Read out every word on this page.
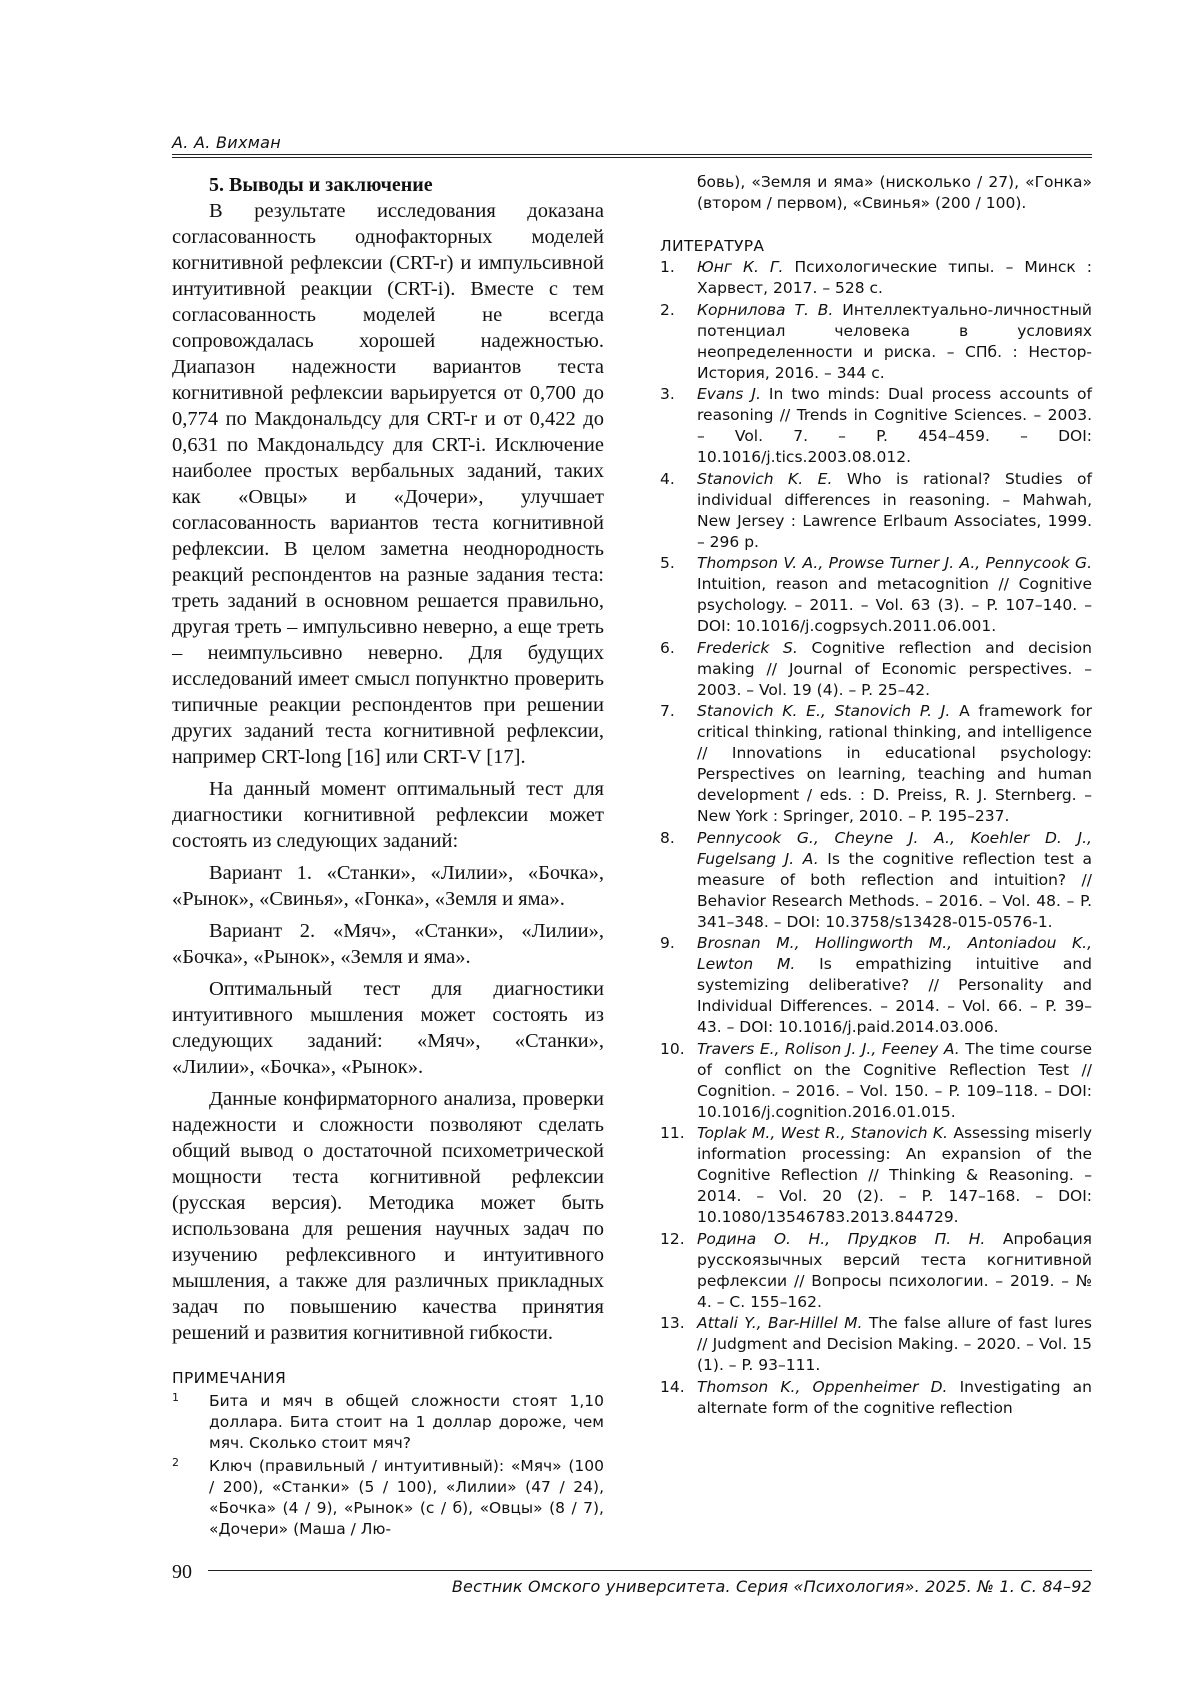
А. А. Вихман

5. Выводы и заключение

В результате исследования доказана согласованность однофакторных моделей когнитивной рефлексии (CRT-r) и импульсивной интуитивной реакции (CRT-i). Вместе с тем согласованность моделей не всегда сопровождалась хорошей надежностью. Диапазон надежности вариантов теста когнитивной рефлексии варьируется от 0,700 до 0,774 по Макдональдсу для CRT-r и от 0,422 до 0,631 по Макдональдсу для CRT-i. Исключение наиболее простых вербальных заданий, таких как «Овцы» и «Дочери», улучшает согласованность вариантов теста когнитивной рефлексии. В целом заметна неоднородность реакций респондентов на разные задания теста: треть заданий в основном решается правильно, другая треть – импульсивно неверно, а еще треть – неимпульсивно неверно. Для будущих исследований имеет смысл попунктно проверить типичные реакции респондентов при решении других заданий теста когнитивной рефлексии, например CRT-long [16] или CRT-V [17].

На данный момент оптимальный тест для диагностики когнитивной рефлексии может состоять из следующих заданий:

Вариант 1. «Станки», «Лилии», «Бочка», «Рынок», «Свинья», «Гонка», «Земля и яма».

Вариант 2. «Мяч», «Станки», «Лилии», «Бочка», «Рынок», «Земля и яма».

Оптимальный тест для диагностики интуитивного мышления может состоять из следующих заданий: «Мяч», «Станки», «Лилии», «Бочка», «Рынок».

Данные конфирматорного анализа, проверки надежности и сложности позволяют сделать общий вывод о достаточной психометрической мощности теста когнитивной рефлексии (русская версия). Методика может быть использована для решения научных задач по изучению рефлексивного и интуитивного мышления, а также для различных прикладных задач по повышению качества принятия решений и развития когнитивной гибкости.

ПРИМЕЧАНИЯ

1 Бита и мяч в общей сложности стоят 1,10 доллара. Бита стоит на 1 доллар дороже, чем мяч. Сколько стоит мяч?
2 Ключ (правильный / интуитивный): «Мяч» (100 / 200), «Станки» (5 / 100), «Лилии» (47 / 24), «Бочка» (4 / 9), «Рынок» (с / б), «Овцы» (8 / 7), «Дочери» (Маша / Лю-

бовь), «Земля и яма» (нисколько / 27), «Гонка» (втором / первом), «Свинья» (200 / 100).

ЛИТЕРАТУРА

1. Юнг К. Г. Психологические типы. – Минск : Харвест, 2017. – 528 с.
2. Корнилова Т. В. Интеллектуально-личностный потенциал человека в условиях неопределенности и риска. – СПб. : Нестор-История, 2016. – 344 с.
3. Evans J. In two minds: Dual process accounts of reasoning // Trends in Cognitive Sciences. – 2003. – Vol. 7. – P. 454–459. – DOI: 10.1016/j.tics.2003.08.012.
4. Stanovich K. E. Who is rational? Studies of individual differences in reasoning. – Mahwah, New Jersey : Lawrence Erlbaum Associates, 1999. – 296 p.
5. Thompson V. A., Prowse Turner J. A., Pennycook G. Intuition, reason and metacognition // Cognitive psychology. – 2011. – Vol. 63 (3). – P. 107–140. – DOI: 10.1016/j.cogpsych.2011.06.001.
6. Frederick S. Cognitive reflection and decision making // Journal of Economic perspectives. – 2003. – Vol. 19 (4). – P. 25–42.
7. Stanovich K. E., Stanovich P. J. A framework for critical thinking, rational thinking, and intelligence // Innovations in educational psychology: Perspectives on learning, teaching and human development / eds. : D. Preiss, R. J. Sternberg. – New York : Springer, 2010. – P. 195–237.
8. Pennycook G., Cheyne J. A., Koehler D. J., Fugelsang J. A. Is the cognitive reflection test a measure of both reflection and intuition? // Behavior Research Methods. – 2016. – Vol. 48. – P. 341–348. – DOI: 10.3758/s13428-015-0576-1.
9. Brosnan M., Hollingworth M., Antoniadou K., Lewton M. Is empathizing intuitive and systemizing deliberative? // Personality and Individual Differences. – 2014. – Vol. 66. – P. 39–43. – DOI: 10.1016/j.paid.2014.03.006.
10. Travers E., Rolison J. J., Feeney A. The time course of conflict on the Cognitive Reflection Test // Cognition. – 2016. – Vol. 150. – P. 109–118. – DOI: 10.1016/j.cognition.2016.01.015.
11. Toplak M., West R., Stanovich K. Assessing miserly information processing: An expansion of the Cognitive Reflection // Thinking & Reasoning. – 2014. – Vol. 20 (2). – P. 147–168. – DOI: 10.1080/13546783.2013.844729.
12. Родина О. Н., Прудков П. Н. Апробация русскоязычных версий теста когнитивной рефлексии // Вопросы психологии. – 2019. – № 4. – С. 155–162.
13. Attali Y., Bar-Hillel M. The false allure of fast lures // Judgment and Decision Making. – 2020. – Vol. 15 (1). – P. 93–111.
14. Thomson K., Oppenheimer D. Investigating an alternate form of the cognitive reflection
90
Вестник Омского университета. Серия «Психология». 2025. № 1. С. 84–92
